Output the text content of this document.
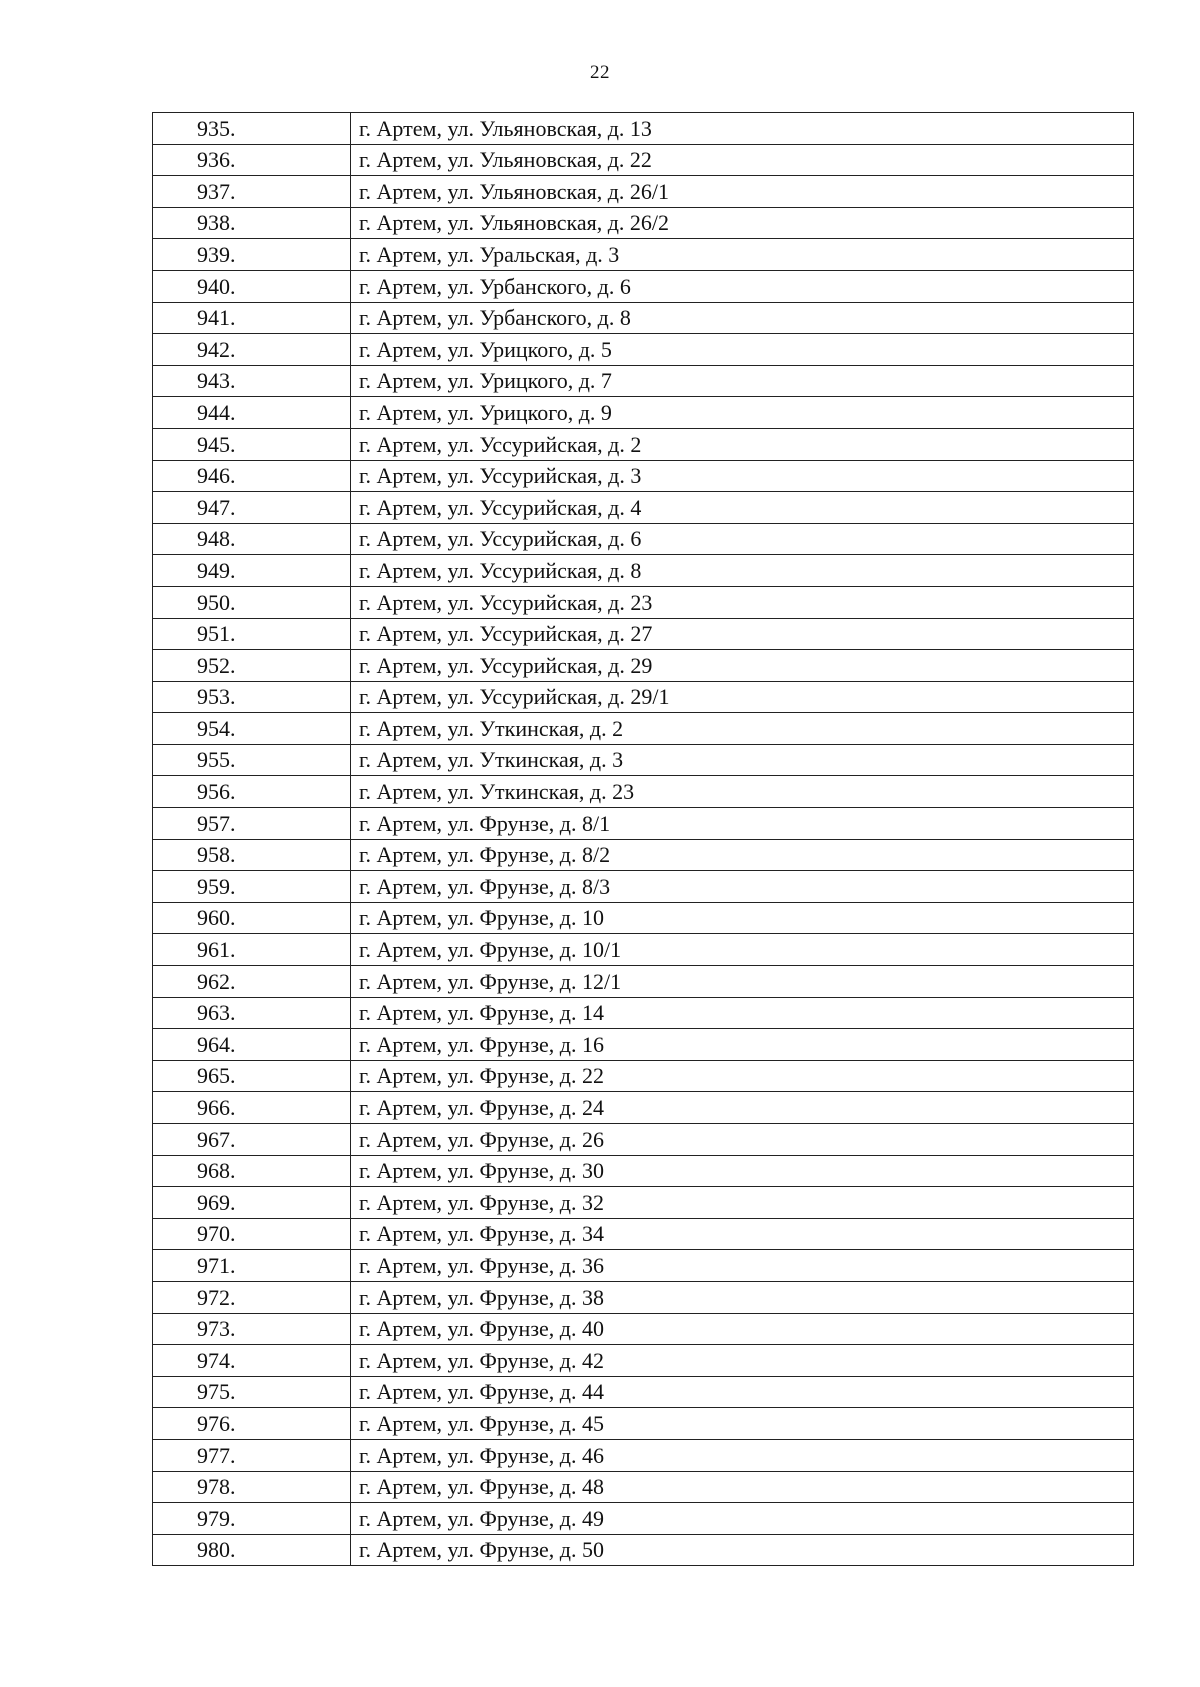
22
935.	г. Артем, ул. Ульяновская, д. 13
936.	г. Артем, ул. Ульяновская, д. 22
937.	г. Артем, ул. Ульяновская, д. 26/1
938.	г. Артем, ул. Ульяновская, д. 26/2
939.	г. Артем, ул. Уральская, д. 3
940.	г. Артем, ул. Урбанского, д. 6
941.	г. Артем, ул. Урбанского, д. 8
942.	г. Артем, ул. Урицкого, д. 5
943.	г. Артем, ул. Урицкого, д. 7
944.	г. Артем, ул. Урицкого, д. 9
945.	г. Артем, ул. Уссурийская, д. 2
946.	г. Артем, ул. Уссурийская, д. 3
947.	г. Артем, ул. Уссурийская, д. 4
948.	г. Артем, ул. Уссурийская, д. 6
949.	г. Артем, ул. Уссурийская, д. 8
950.	г. Артем, ул. Уссурийская, д. 23
951.	г. Артем, ул. Уссурийская, д. 27
952.	г. Артем, ул. Уссурийская, д. 29
953.	г. Артем, ул. Уссурийская, д. 29/1
954.	г. Артем, ул. Уткинская, д. 2
955.	г. Артем, ул. Уткинская, д. 3
956.	г. Артем, ул. Уткинская, д. 23
957.	г. Артем, ул. Фрунзе, д. 8/1
958.	г. Артем, ул. Фрунзе, д. 8/2
959.	г. Артем, ул. Фрунзе, д. 8/3
960.	г. Артем, ул. Фрунзе, д. 10
961.	г. Артем, ул. Фрунзе, д. 10/1
962.	г. Артем, ул. Фрунзе, д. 12/1
963.	г. Артем, ул. Фрунзе, д. 14
964.	г. Артем, ул. Фрунзе, д. 16
965.	г. Артем, ул. Фрунзе, д. 22
966.	г. Артем, ул. Фрунзе, д. 24
967.	г. Артем, ул. Фрунзе, д. 26
968.	г. Артем, ул. Фрунзе, д. 30
969.	г. Артем, ул. Фрунзе, д. 32
970.	г. Артем, ул. Фрунзе, д. 34
971.	г. Артем, ул. Фрунзе, д. 36
972.	г. Артем, ул. Фрунзе, д. 38
973.	г. Артем, ул. Фрунзе, д. 40
974.	г. Артем, ул. Фрунзе, д. 42
975.	г. Артем, ул. Фрунзе, д. 44
976.	г. Артем, ул. Фрунзе, д. 45
977.	г. Артем, ул. Фрунзе, д. 46
978.	г. Артем, ул. Фрунзе, д. 48
979.	г. Артем, ул. Фрунзе, д. 49
980.	г. Артем, ул. Фрунзе, д. 50
